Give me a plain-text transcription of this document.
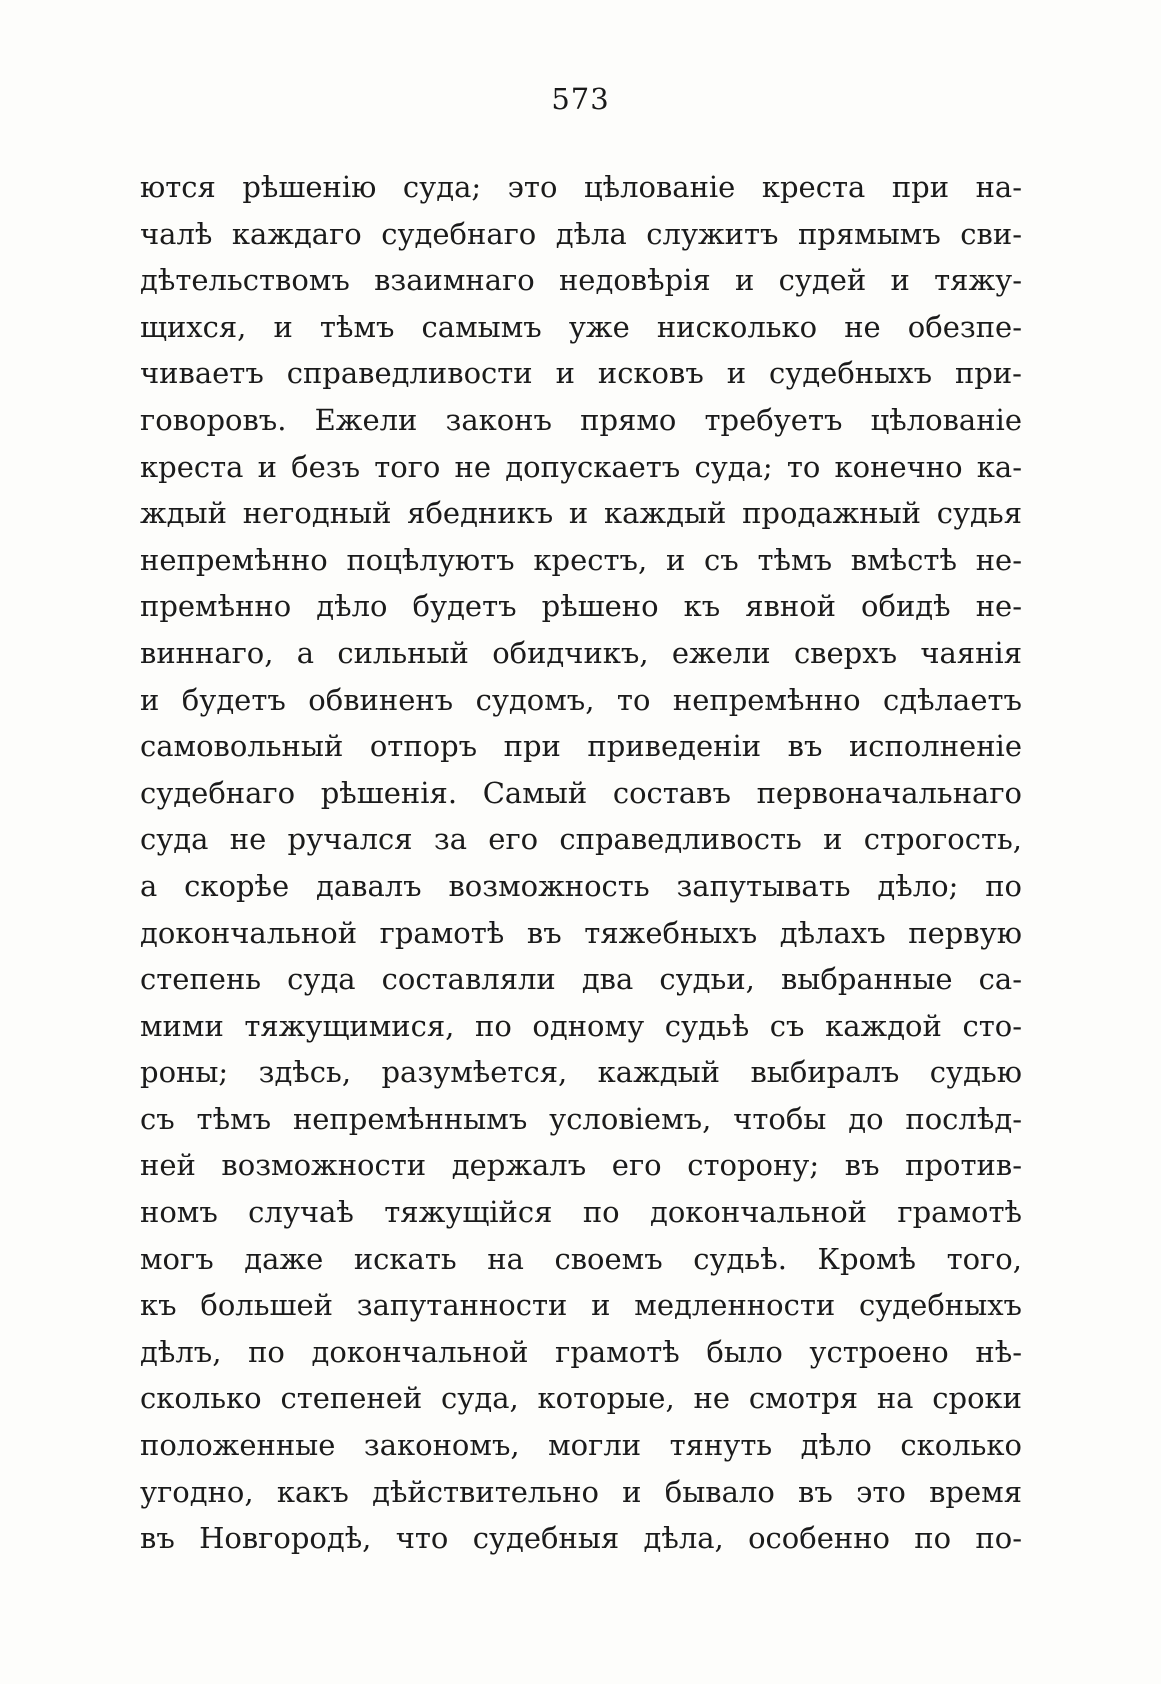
573
ются рѣшенію суда; это цѣлованіе креста при на-
чалѣ каждаго судебнаго дѣла служитъ прямымъ сви-
дѣтельствомъ взаимнаго недовѣрія и судей и тяжу-
щихся, и тѣмъ самымъ уже нисколько не обезпе-
чиваетъ справедливости и исковъ и судебныхъ при-
говоровъ. Ежели законъ прямо требуетъ цѣлованіе
креста и безъ того не допускаетъ суда; то конечно ка-
ждый негодный ябедникъ и каждый продажный судья
непремѣнно поцѣлуютъ крестъ, и съ тѣмъ вмѣстѣ не-
премѣнно дѣло будетъ рѣшено къ явной обидѣ не-
виннаго, а сильный обидчикъ, ежели сверхъ чаянія
и будетъ обвиненъ судомъ, то непремѣнно сдѣлаетъ
самовольный отпоръ при приведеніи въ исполненіе
судебнаго рѣшенія. Самый составъ первоначальнаго
суда не ручался за его справедливость и строгость,
а скорѣе давалъ возможность запутывать дѣло; по
докончальной грамотѣ въ тяжебныхъ дѣлахъ первую
степень суда составляли два судьи, выбранные са-
мими тяжущимися, по одному судьѣ съ каждой сто-
роны; здѣсь, разумѣется, каждый выбиралъ судью
съ тѣмъ непремѣннымъ условіемъ, чтобы до послѣд-
ней возможности держалъ его сторону; въ против-
номъ случаѣ тяжущійся по докончальной грамотѣ
могъ даже искать на своемъ судьѣ. Кромѣ того,
къ большей запутанности и медленности судебныхъ
дѣлъ, по докончальной грамотѣ было устроено нѣ-
сколько степеней суда, которые, не смотря на сроки
положенные закономъ, могли тянуть дѣло сколько
угодно, какъ дѣйствительно и бывало въ это время
въ Новгородѣ, что судебныя дѣла, особенно по по-
